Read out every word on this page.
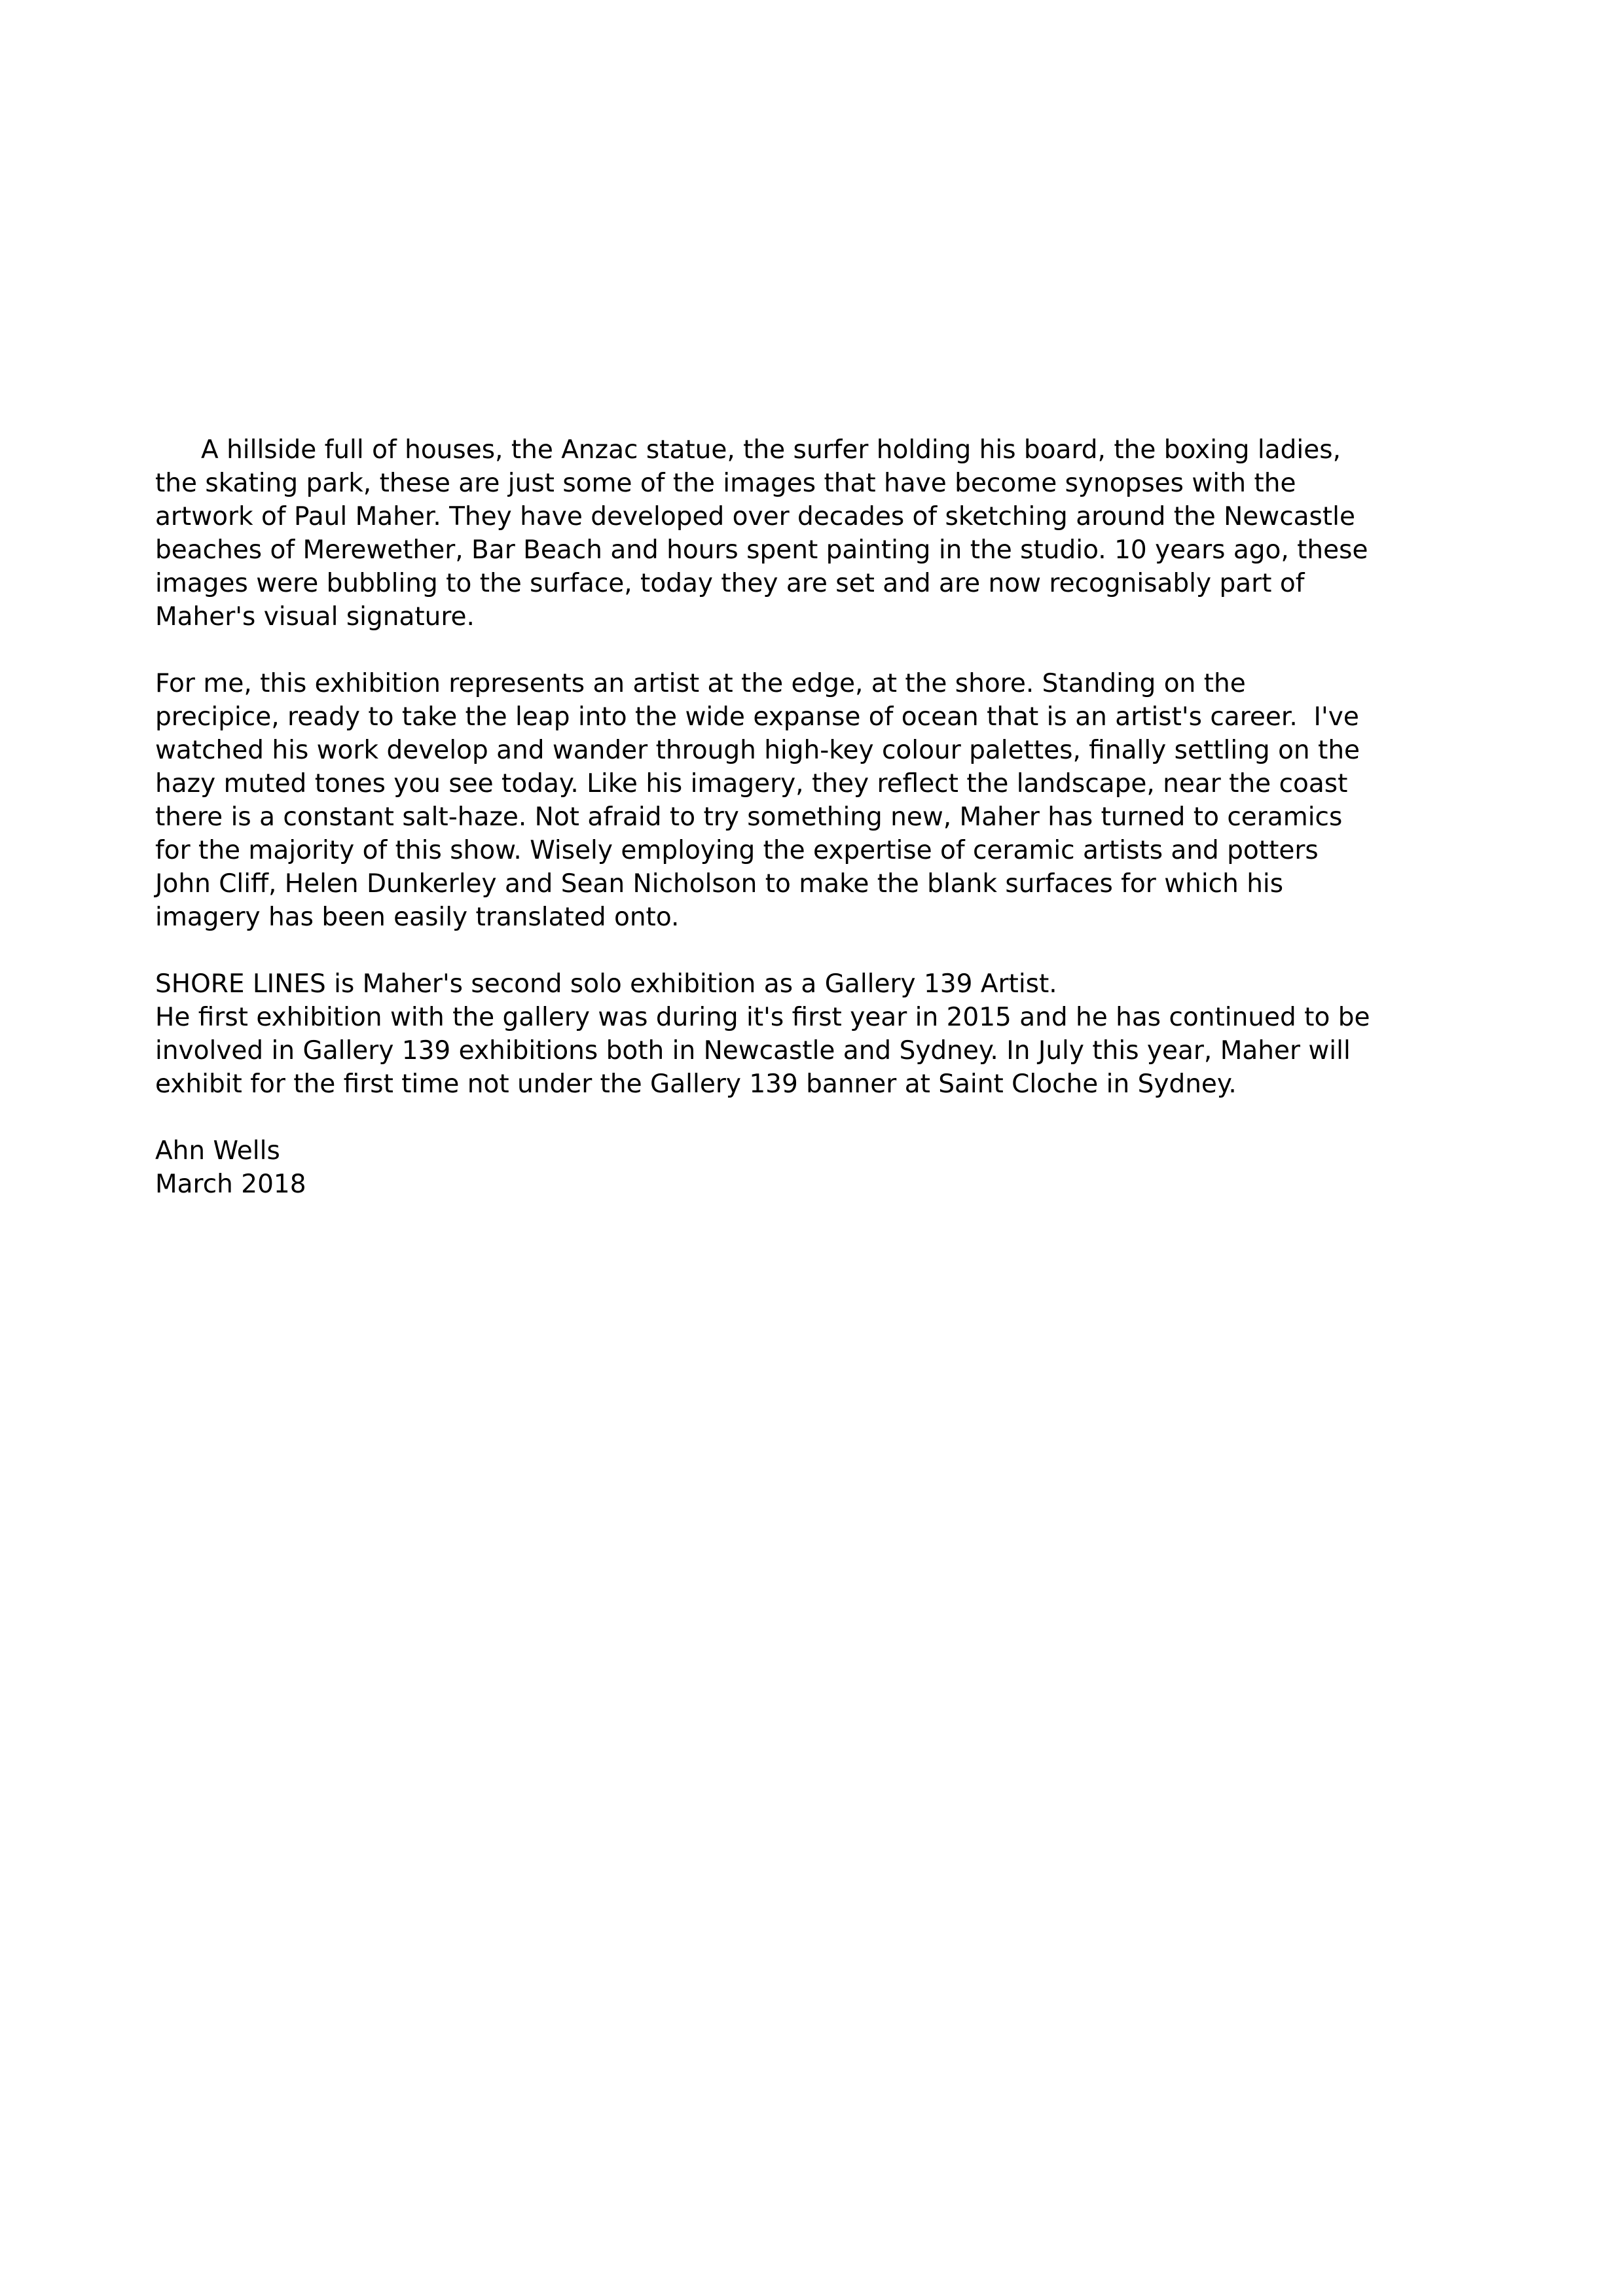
A hillside full of houses, the Anzac statue, the surfer holding his board, the boxing ladies,
the skating park, these are just some of the images that have become synopses with the
artwork of Paul Maher. They have developed over decades of sketching around the Newcastle
beaches of Merewether, Bar Beach and hours spent painting in the studio. 10 years ago, these
images were bubbling to the surface, today they are set and are now recognisably part of
Maher's visual signature.
For me, this exhibition represents an artist at the edge, at the shore. Standing on the
precipice, ready to take the leap into the wide expanse of ocean that is an artist's career.  I've
watched his work develop and wander through high-key colour palettes, finally settling on the
hazy muted tones you see today. Like his imagery, they reflect the landscape, near the coast
there is a constant salt-haze. Not afraid to try something new, Maher has turned to ceramics
for the majority of this show. Wisely employing the expertise of ceramic artists and potters
John Cliff, Helen Dunkerley and Sean Nicholson to make the blank surfaces for which his
imagery has been easily translated onto.
SHORE LINES is Maher's second solo exhibition as a Gallery 139 Artist.
He first exhibition with the gallery was during it's first year in 2015 and he has continued to be
involved in Gallery 139 exhibitions both in Newcastle and Sydney. In July this year, Maher will
exhibit for the first time not under the Gallery 139 banner at Saint Cloche in Sydney.
Ahn Wells
March 2018
